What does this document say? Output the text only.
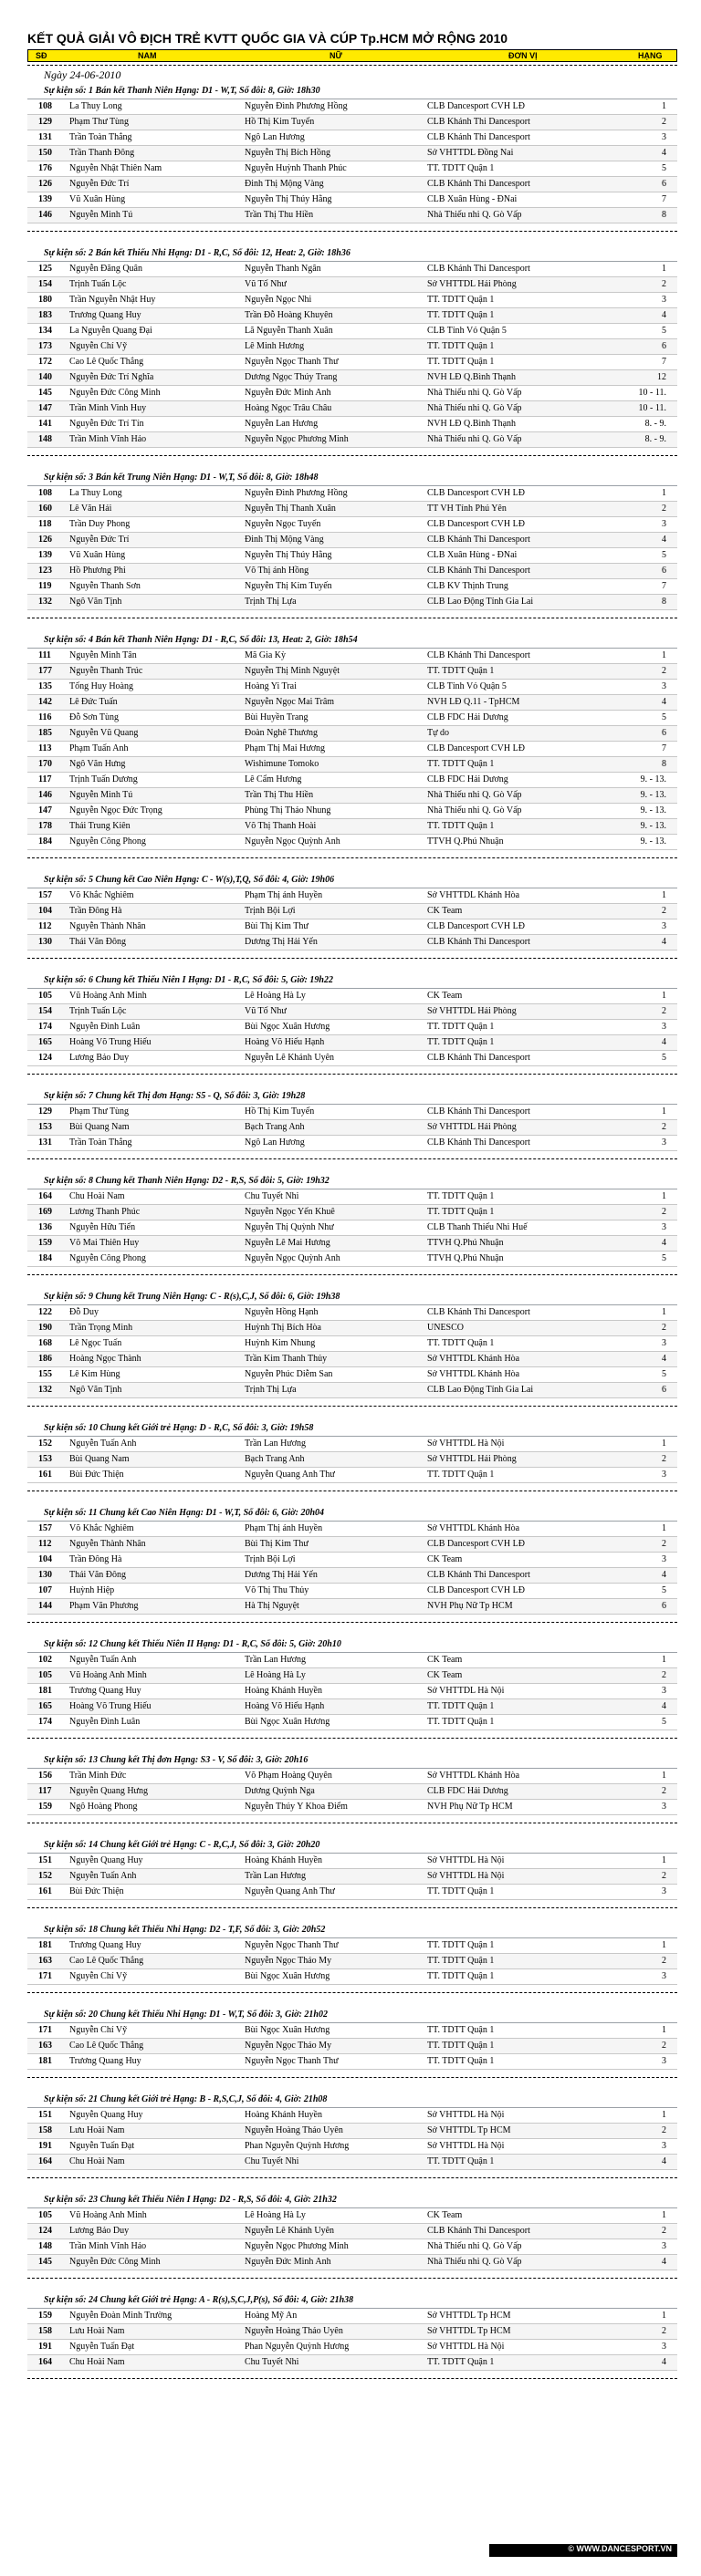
KẾT QUẢ GIẢI VÔ ĐỊCH TRẺ KVTT QUỐC GIA VÀ CÚP Tp.HCM MỞ RỘNG 2010
SĐ	NAM	NỮ	ĐƠN VỊ	HẠNG
Ngày 24-06-2010
Sự kiện số: 1 Bán kết Thanh Niên Hạng: D1 - W,T, Số đôi: 8, Giờ: 18h30
108	La Thuy Long	Nguyễn Đình Phương Hồng	CLB Dancesport CVH LĐ	1
129	Phạm Thư Tùng	Hồ Thị Kim Tuyến	CLB Khánh Thi Dancesport	2
131	Trần Toàn Thắng	Ngô Lan Hương	CLB Khánh Thi Dancesport	3
150	Trần Thanh Đông	Nguyễn Thị Bích Hồng	Sở VHTTDL Đồng Nai	4
176	Nguyễn Nhật Thiên Nam	Nguyễn Huỳnh Thanh Phúc	TT. TDTT Quận 1	5
126	Nguyễn Đức Trí	Đinh Thị Mộng Vàng	CLB Khánh Thi Dancesport	6
139	Vũ Xuân Hùng	Nguyễn Thị Thúy Hằng	CLB Xuân Hùng - ĐNai	7
146	Nguyễn Minh Tú	Trần Thị Thu Hiền	Nhà Thiếu nhi Q. Gò Vấp	8
Sự kiện số: 2 Bán kết Thiếu Nhi Hạng: D1 - R,C, Số đôi: 12, Heat: 2, Giờ: 18h36
125	Nguyễn Đăng Quân	Nguyễn Thanh Ngân	CLB Khánh Thi Dancesport	1
154	Trịnh Tuấn Lộc	Vũ Tố Như	Sở VHTTDL Hải Phòng	2
180	Trần Nguyễn Nhật Huy	Nguyễn Ngọc Nhi	TT. TDTT Quận 1	3
183	Trương Quang Huy	Trần Đỗ Hoàng Khuyên	TT. TDTT Quận 1	4
134	La Nguyễn Quang Đại	Lã Nguyễn Thanh Xuân	CLB Tỉnh Vỏ Quận 5	5
173	Nguyễn Chí Vỹ	Lê Minh Hương	TT. TDTT Quận 1	6
172	Cao Lê Quốc Thắng	Nguyễn Ngọc Thanh Thư	TT. TDTT Quận 1	7
140	Nguyễn Đức Trí Nghĩa	Dương Ngọc Thúy Trang	NVH LĐ Q.Bình Thạnh	12
145	Nguyễn Đức Công Minh	Nguyễn Đức Minh Anh	Nhà Thiếu nhi Q. Gò Vấp	10 - 11.
147	Trần Minh Vinh Huy	Hoàng Ngọc Trâu Châu	Nhà Thiếu nhi Q. Gò Vấp	10 - 11.
141	Nguyễn Đức Trí Tín	Nguyễn Lan Hương	NVH LĐ Q.Bình Thạnh	8. - 9.
148	Trần Minh Vĩnh Hảo	Nguyễn Ngọc Phương Minh	Nhà Thiếu nhi Q. Gò Vấp	8. - 9.
Sự kiện số: 3 Bán kết Trung Niên Hạng: D1 - W,T, Số đôi: 8, Giờ: 18h48
108	La Thuy Long	Nguyễn Đình Phương Hồng	CLB Dancesport CVH LĐ	1
160	Lê Văn Hải	Nguyễn Thị Thanh Xuân	TT VH Tỉnh Phú Yên	2
118	Trần Duy Phong	Nguyễn Ngọc Tuyến	CLB Dancesport CVH LĐ	3
126	Nguyễn Đức Trí	Đinh Thị Mộng Vàng	CLB Khánh Thi Dancesport	4
139	Vũ Xuân Hùng	Nguyễn Thị Thúy Hằng	CLB Xuân Hùng - ĐNai	5
123	Hồ Phương Phi	Võ Thị ánh Hồng	CLB Khánh Thi Dancesport	6
119	Nguyễn Thanh Sơn	Nguyễn Thị Kim Tuyến	CLB KV Thịnh Trung	7
132	Ngô Văn Tịnh	Trịnh Thị Lựa	CLB Lao Động Tỉnh Gia Lai	8
Sự kiện số: 4 Bán kết Thanh Niên Hạng: D1 - R,C, Số đôi: 13, Heat: 2, Giờ: 18h54
111	Nguyễn Minh Tân	Mã Gia Kỳ	CLB Khánh Thi Dancesport	1
177	Nguyễn Thanh Trúc	Nguyễn Thị Minh Nguyệt	TT. TDTT Quận 1	2
135	Tống Huy Hoàng	Hoàng Yi Trai	CLB Tỉnh Vỏ Quận 5	3
142	Lê Đức Tuấn	Nguyễn Ngọc Mai Trâm	NVH LĐ Q.11 - TpHCM	4
116	Đỗ Sơn Tùng	Bùi Huyền Trang	CLB FDC Hải Dương	5
185	Nguyễn Vũ Quang	Đoàn Nghê Thương	Tự do	6
113	Phạm Tuấn Anh	Phạm Thị Mai Hương	CLB Dancesport CVH LĐ	7
170	Ngô Văn Hưng	Wishimune Tomoko	TT. TDTT Quận 1	8
117	Trịnh Tuấn Dương	Lê Cẩm Hương	CLB FDC Hải Dương	9. - 13.
146	Nguyễn Minh Tú	Trần Thị Thu Hiền	Nhà Thiếu nhi Q. Gò Vấp	9. - 13.
147	Nguyễn Ngọc Đức Trọng	Phùng Thị Thảo Nhung	Nhà Thiếu nhi Q. Gò Vấp	9. - 13.
178	Thái Trung Kiên	Võ Thị Thanh Hoài	TT. TDTT Quận 1	9. - 13.
184	Nguyễn Công Phong	Nguyễn Ngọc Quỳnh Anh	TTVH Q.Phú Nhuận	9. - 13.
Sự kiện số: 5 Chung kết Cao Niên Hạng: C - W(s),T,Q, Số đôi: 4, Giờ: 19h06
157	Võ Khắc Nghiêm	Phạm Thị ánh Huyền	Sở VHTTDL Khánh Hòa	1
104	Trần Đông Hà	Trịnh Bội Lợi	CK Team	2
112	Nguyễn Thành Nhân	Bùi Thị Kim Thư	CLB Dancesport CVH LĐ	3
130	Thái Văn Đông	Dương Thị Hải Yến	CLB Khánh Thi Dancesport	4
Sự kiện số: 6 Chung kết Thiếu Niên I Hạng: D1 - R,C, Số đôi: 5, Giờ: 19h22
105	Vũ Hoàng Anh Minh	Lê Hoàng Hà Ly	CK Team	1
154	Trịnh Tuấn Lộc	Vũ Tố Như	Sở VHTTDL Hải Phòng	2
174	Nguyễn Đình Luân	Bùi Ngọc Xuân Hương	TT. TDTT Quận 1	3
165	Hoàng Võ Trung Hiếu	Hoàng Võ Hiếu Hạnh	TT. TDTT Quận 1	4
124	Lương Bảo Duy	Nguyễn Lê Khánh Uyên	CLB Khánh Thi Dancesport	5
Sự kiện số: 7 Chung kết Thị đơn Hạng: S5 - Q, Số đôi: 3, Giờ: 19h28
129	Phạm Thư Tùng	Hồ Thị Kim Tuyến	CLB Khánh Thi Dancesport	1
153	Bùi Quang Nam	Bạch Trang Anh	Sở VHTTDL Hải Phòng	2
131	Trần Toàn Thắng	Ngô Lan Hương	CLB Khánh Thi Dancesport	3
Sự kiện số: 8 Chung kết Thanh Niên Hạng: D2 - R,S, Số đôi: 5, Giờ: 19h32
164	Chu Hoài Nam	Chu Tuyết Nhi	TT. TDTT Quận 1	1
169	Lương Thanh Phúc	Nguyễn Ngọc Yến Khuê	TT. TDTT Quận 1	2
136	Nguyễn Hữu Tiến	Nguyễn Thị Quỳnh Như	CLB Thanh Thiếu Nhi Huế	3
159	Võ Mai Thiên Huy	Nguyễn Lê Mai Hương	TTVH Q.Phú Nhuận	4
184	Nguyễn Công Phong	Nguyễn Ngọc Quỳnh Anh	TTVH Q.Phú Nhuận	5
Sự kiện số: 9 Chung kết Trung Niên Hạng: C - R(s),C,J, Số đôi: 6, Giờ: 19h38
122	Đỗ Duy	Nguyễn Hồng Hạnh	CLB Khánh Thi Dancesport	1
190	Trần Trọng Minh	Huỳnh Thị Bích Hòa	UNESCO	2
168	Lê Ngọc Tuấn	Huỳnh Kim Nhung	TT. TDTT Quận 1	3
186	Hoàng Ngọc Thành	Trần Kim Thanh Thủy	Sở VHTTDL Khánh Hòa	4
155	Lê Kim Hùng	Nguyễn Phúc Diễm San	Sở VHTTDL Khánh Hòa	5
132	Ngô Văn Tịnh	Trịnh Thị Lựa	CLB Lao Động Tỉnh Gia Lai	6
Sự kiện số: 10 Chung kết Giới trẻ Hạng: D - R,C, Số đôi: 3, Giờ: 19h58
152	Nguyễn Tuấn Anh	Trần Lan Hương	Sở VHTTDL Hà Nội	1
153	Bùi Quang Nam	Bạch Trang Anh	Sở VHTTDL Hải Phòng	2
161	Bùi Đức Thiện	Nguyễn Quang Anh Thư	TT. TDTT Quận 1	3
Sự kiện số: 11 Chung kết Cao Niên Hạng: D1 - W,T, Số đôi: 6, Giờ: 20h04
157	Võ Khắc Nghiêm	Phạm Thị ánh Huyền	Sở VHTTDL Khánh Hòa	1
112	Nguyễn Thành Nhân	Bùi Thị Kim Thư	CLB Dancesport CVH LĐ	2
104	Trần Đông Hà	Trịnh Bội Lợi	CK Team	3
130	Thái Văn Đông	Dương Thị Hải Yến	CLB Khánh Thi Dancesport	4
107	Huỳnh Hiệp	Võ Thị Thu Thủy	CLB Dancesport CVH LĐ	5
144	Phạm Văn Phương	Hà Thị Nguyệt	NVH Phụ Nữ Tp HCM	6
Sự kiện số: 12 Chung kết Thiếu Niên II Hạng: D1 - R,C, Số đôi: 5, Giờ: 20h10
102	Nguyễn Tuấn Anh	Trần Lan Hương	CK Team	1
105	Vũ Hoàng Anh Minh	Lê Hoàng Hà Ly	CK Team	2
181	Trương Quang Huy	Hoàng Khánh Huyền	Sở VHTTDL Hà Nội	3
165	Hoàng Võ Trung Hiếu	Hoàng Võ Hiếu Hạnh	TT. TDTT Quận 1	4
174	Nguyễn Đình Luân	Bùi Ngọc Xuân Hương	TT. TDTT Quận 1	5
Sự kiện số: 13 Chung kết Thị đơn Hạng: S3 - V, Số đôi: 3, Giờ: 20h16
156	Trần Minh Đức	Võ Phạm Hoàng Quyên	Sở VHTTDL Khánh Hòa	1
117	Nguyễn Quang Hưng	Dương Quỳnh Nga	CLB FDC Hải Dương	2
159	Ngô Hoàng Phong	Nguyễn Thúy Y Khoa Điểm	NVH Phụ Nữ Tp HCM	3
Sự kiện số: 14 Chung kết Giới trẻ Hạng: C - R,C,J, Số đôi: 3, Giờ: 20h20
151	Nguyễn Quang Huy	Hoàng Khánh Huyền	Sở VHTTDL Hà Nội	1
152	Nguyễn Tuấn Anh	Trần Lan Hương	Sở VHTTDL Hà Nội	2
161	Bùi Đức Thiện	Nguyễn Quang Anh Thư	TT. TDTT Quận 1	3
Sự kiện số: 18 Chung kết Thiếu Nhi Hạng: D2 - T,F, Số đôi: 3, Giờ: 20h52
181	Trương Quang Huy	Nguyễn Ngọc Thanh Thư	TT. TDTT Quận 1	1
163	Cao Lê Quốc Thắng	Nguyễn Ngọc Thảo My	TT. TDTT Quận 1	2
171	Nguyễn Chí Vỹ	Bùi Ngọc Xuân Hương	TT. TDTT Quận 1	3
Sự kiện số: 20 Chung kết Thiếu Nhi Hạng: D1 - W,T, Số đôi: 3, Giờ: 21h02
171	Nguyễn Chí Vỹ	Bùi Ngọc Xuân Hương	TT. TDTT Quận 1	1
163	Cao Lê Quốc Thắng	Nguyễn Ngọc Thảo My	TT. TDTT Quận 1	2
181	Trương Quang Huy	Nguyễn Ngọc Thanh Thư	TT. TDTT Quận 1	3
Sự kiện số: 21 Chung kết Giới trẻ Hạng: B - R,S,C,J, Số đôi: 4, Giờ: 21h08
151	Nguyễn Quang Huy	Hoàng Khánh Huyền	Sở VHTTDL Hà Nội	1
158	Lưu Hoài Nam	Nguyễn Hoàng Thảo Uyên	Sở VHTTDL Tp HCM	2
191	Nguyễn Tuấn Đạt	Phan Nguyễn Quỳnh Hương	Sở VHTTDL Hà Nội	3
164	Chu Hoài Nam	Chu Tuyết Nhi	TT. TDTT Quận 1	4
Sự kiện số: 23 Chung kết Thiếu Niên I Hạng: D2 - R,S, Số đôi: 4, Giờ: 21h32
105	Vũ Hoàng Anh Minh	Lê Hoàng Hà Ly	CK Team	1
124	Lương Bảo Duy	Nguyễn Lê Khánh Uyên	CLB Khánh Thi Dancesport	2
148	Trần Minh Vĩnh Hảo	Nguyễn Ngọc Phương Minh	Nhà Thiếu nhi Q. Gò Vấp	3
145	Nguyễn Đức Công Minh	Nguyễn Đức Minh Anh	Nhà Thiếu nhi Q. Gò Vấp	4
Sự kiện số: 24 Chung kết Giới trẻ Hạng: A - R(s),S,C,J,P(s), Số đôi: 4, Giờ: 21h38
159	Nguyễn Đoàn Minh Trường	Hoàng Mỹ An	Sở VHTTDL Tp HCM	1
158	Lưu Hoài Nam	Nguyễn Hoàng Thảo Uyên	Sở VHTTDL Tp HCM	2
191	Nguyễn Tuấn Đạt	Phan Nguyễn Quỳnh Hương	Sở VHTTDL Hà Nội	3
164	Chu Hoài Nam	Chu Tuyết Nhi	TT. TDTT Quận 1	4
© WWW.DANCESPORT.VN
